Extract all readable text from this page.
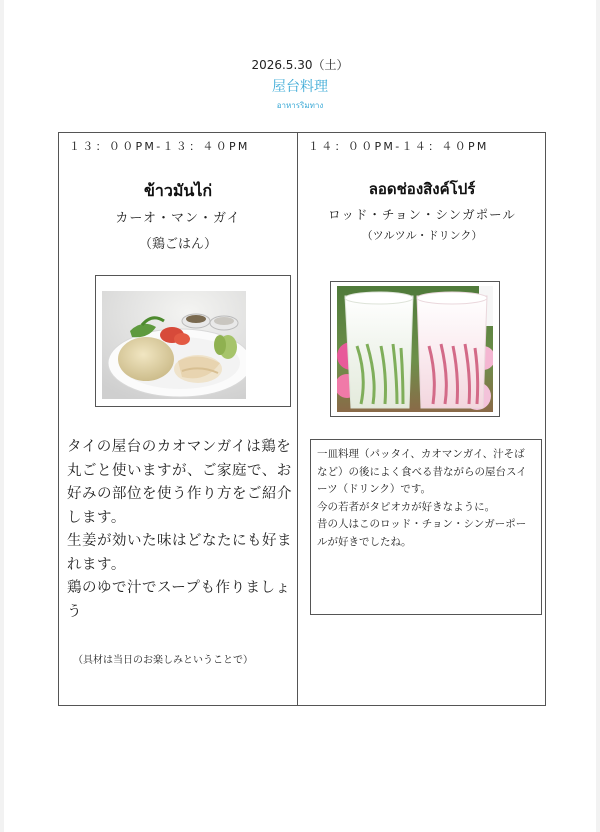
2026.5.30（土）
屋台料理
อาหารริมทาง
１３：００PM-１３：４０PM
ข้าวมันไก่
カーオ・マン・ガイ
（鶏ごはん）

タイの屋台のカオマンガイは鶏を丸ごと使いますが、ご家庭で、お好みの部位を使う作り方をご紹介します。

生姜が効いた味はどなたにも好まれます。

鶏のゆで汁でスープも作りましょう

（具材は当日のお楽しみということで）
１４：００PM-１４：４０PM
ลอดช่องสิงค์โปร์
ロッド・チョン・シンガポール
（ツルツル・ドリンク）

一皿料理（パッタイ、カオマンガイ、汁そばなど）の後によく食べる昔ながらの屋台スイーツ（ドリンク）です。

今の若者がタピオカが好きなように。

昔の人はこのロッド・チョン・シンガーポールが好きでしたね。
